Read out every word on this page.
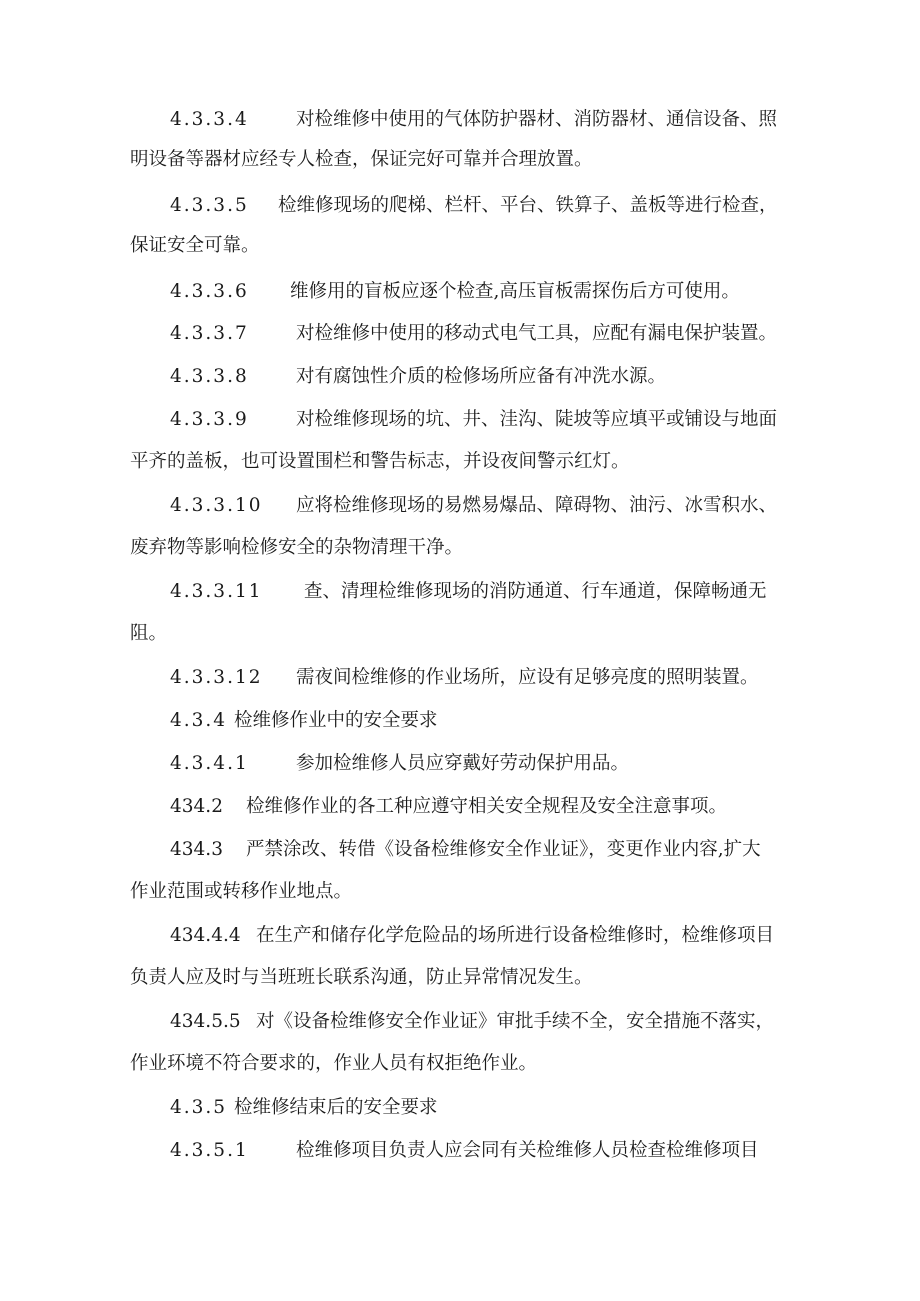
4.3.3.4	对检维修中使用的气体防护器材、消防器材、通信设备、照
明设备等器材应经专人检查，保证完好可靠并合理放置。
4.3.3.5 检维修现场的爬梯、栏杆、平台、铁算子、盖板等进行检查，
保证安全可靠。
4.3.3.6 维修用的盲板应逐个检查,高压盲板需探伤后方可使用。
4.3.3.7	对检维修中使用的移动式电气工具，应配有漏电保护装置。
4.3.3.8	对有腐蚀性介质的检修场所应备有冲洗水源。
4.3.3.9	对检维修现场的坑、井、洼沟、陡坡等应填平或铺设与地面
平齐的盖板，也可设置围栏和警告标志，并设夜间警示红灯。
4.3.3.10 应将检维修现场的易燃易爆品、障碍物、油污、冰雪积水、
废弃物等影响检修安全的杂物清理干净。
4.3.3.11 查、清理检维修现场的消防通道、行车通道，保障畅通无
阻。
4.3.3.12 需夜间检维修的作业场所，应设有足够亮度的照明装置。
4.3.4 检维修作业中的安全要求
4.3.4.1	参加检维修人员应穿戴好劳动保护用品。
434.2 检维修作业的各工种应遵守相关安全规程及安全注意事项。
434.3 严禁涂改、转借《设备检维修安全作业证》，变更作业内容,扩大
作业范围或转移作业地点。
434.4.4 在生产和储存化学危险品的场所进行设备检维修时，检维修项目
负责人应及时与当班班长联系沟通，防止异常情况发生。
434.5.5 对《设备检维修安全作业证》审批手续不全，安全措施不落实，
作业环境不符合要求的，作业人员有权拒绝作业。
4.3.5 检维修结束后的安全要求
4.3.5.1	检维修项目负责人应会同有关检维修人员检查检维修项目
